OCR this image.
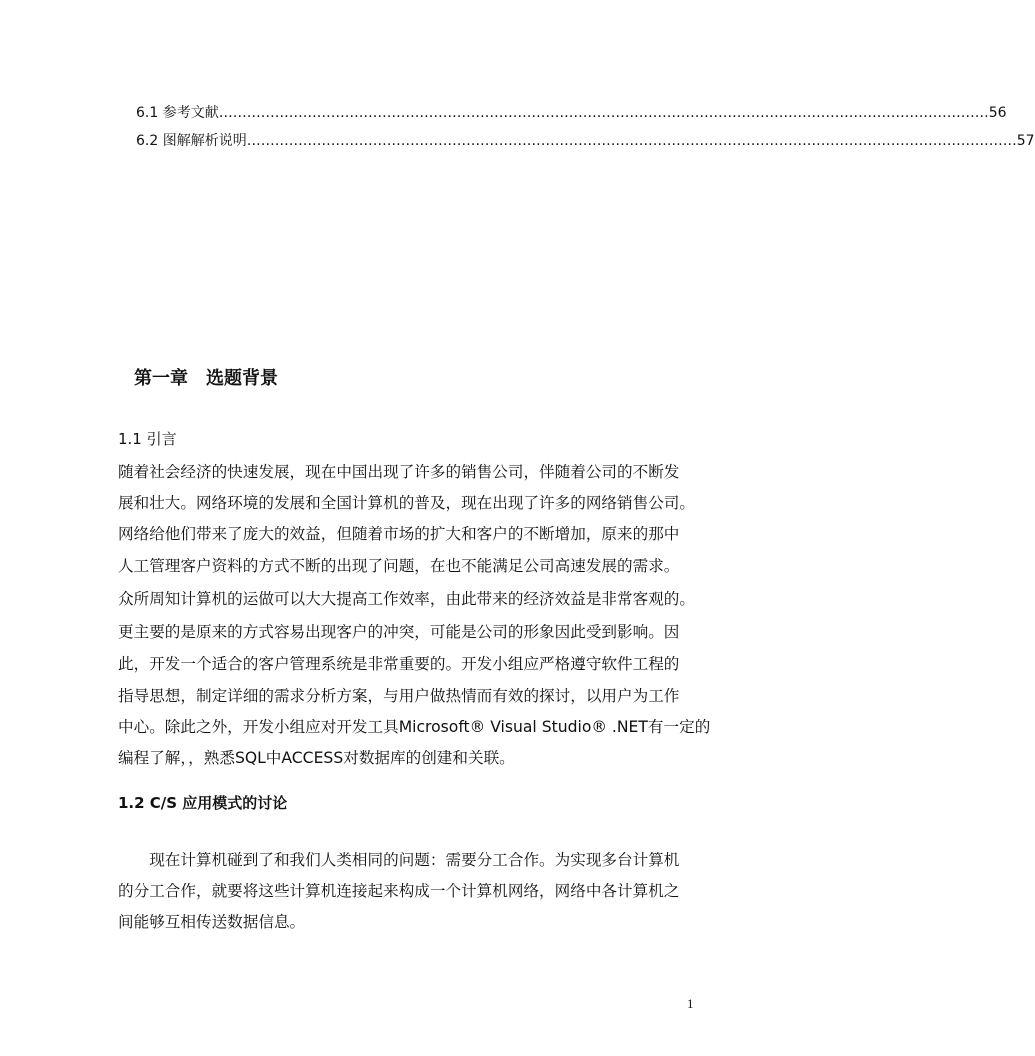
6.1 参考文献 ………………………………………………………………………………………………………………………………………………… 56
6.2 图解解析说明 ………………………………………………………………………………………………………………………………………………… 57
第一章　选题背景
1.1 引言
随着社会经济的快速发展，现在中国出现了许多的销售公司，伴随着公司的不断发
展和壮大。网络环境的发展和全国计算机的普及，现在出现了许多的网络销售公司。
网络给他们带来了庞大的效益，但随着市场的扩大和客户的不断增加，原来的那中
人工管理客户资料的方式不断的出现了问题，在也不能满足公司高速发展的需求。
众所周知计算机的运做可以大大提高工作效率，由此带来的经济效益是非常客观的。
更主要的是原来的方式容易出现客户的冲突，可能是公司的形象因此受到影响。因
此，开发一个适合的客户管理系统是非常重要的。开发小组应严格遵守软件工程的
指导思想，制定详细的需求分析方案，与用户做热情而有效的探讨，以用户为工作
中心。除此之外，开发小组应对开发工具Microsoft® Visual Studio® .NET有一定的
编程了解，，熟悉SQL中ACCESS对数据库的创建和关联。
1.2 C/S 应用模式的讨论
　　现在计算机碰到了和我们人类相同的问题：需要分工合作。为实现多台计算机
的分工合作，就要将这些计算机连接起来构成一个计算机网络，网络中各计算机之
间能够互相传送数据信息。
1
